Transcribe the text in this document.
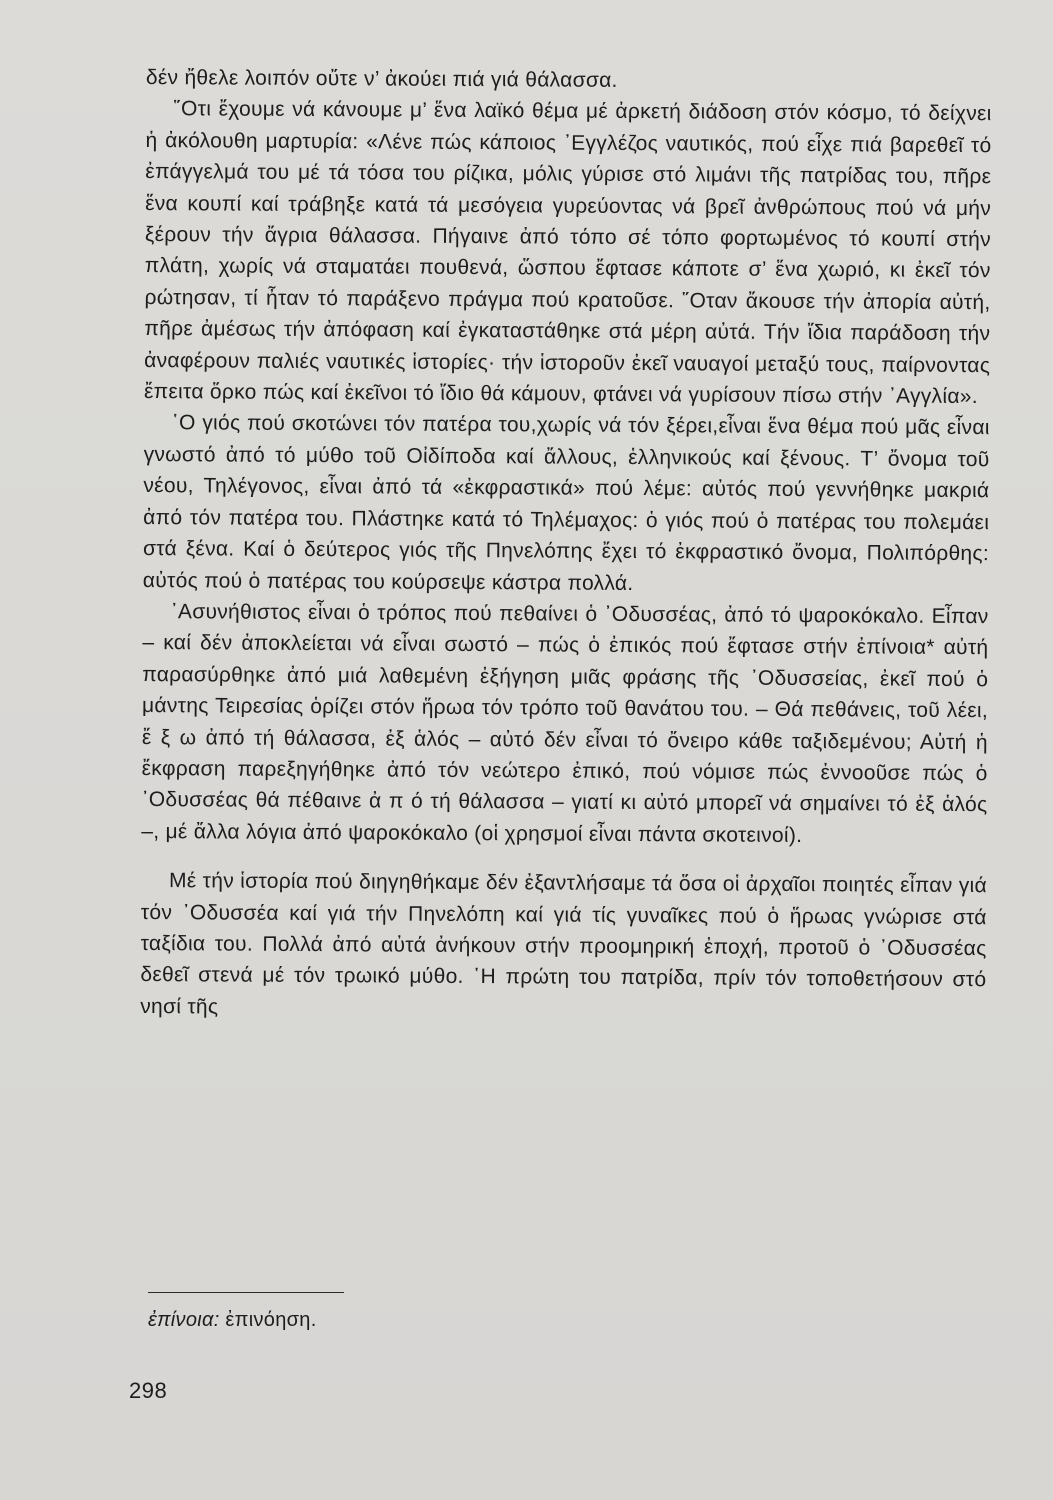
δέν ἤθελε λοιπόν οὔτε ν’ ἀκούει πιά γιά θάλασσα.

῞Οτι ἔχουμε νά κάνουμε μ’ ἕνα λαϊκό θέμα μέ ἀρκετή διάδοση στόν κόσμο, τό δείχνει ἡ ἀκόλουθη μαρτυρία: «Λένε πώς κάποιος ᾿Εγγλέζος ναυτικός, πού εἶχε πιά βαρεθεῖ τό ἐπάγγελμά του μέ τά τόσα του ρίζικα, μόλις γύρισε στό λιμάνι τῆς πατρίδας του, πῆρε ἕνα κουπί καί τράβηξε κατά τά μεσόγεια γυρεύοντας νά βρεῖ ἀνθρώπους πού νά μήν ξέρουν τήν ἄγρια θάλασσα. Πήγαινε ἀπό τόπο σέ τόπο φορτωμένος τό κουπί στήν πλάτη, χωρίς νά σταματάει πουθενά, ὥσπου ἔφτασε κάποτε σ’ ἕνα χωριό, κι ἐκεῖ τόν ρώτησαν, τί ἦταν τό παράξενο πράγμα πού κρατοῦσε. ῞Οταν ἄκουσε τήν ἀπορία αὐτή, πῆρε ἀμέσως τήν ἀπόφαση καί ἐγκαταστάθηκε στά μέρη αὐτά. Τήν ἴδια παράδοση τήν ἀναφέρουν παλιές ναυτικές ἱστορίες· τήν ἱστοροῦν ἐκεῖ ναυαγοί μεταξύ τους, παίρνοντας ἔπειτα ὅρκο πώς καί ἐκεῖνοι τό ἴδιο θά κάμουν, φτάνει νά γυρίσουν πίσω στήν ᾿Αγγλία».

῾Ο γιός πού σκοτώνει τόν πατέρα του,χωρίς νά τόν ξέρει,εἶναι ἕνα θέμα πού μᾶς εἶναι γνωστό ἀπό τό μύθο τοῦ Οἰδίποδα καί ἄλλους, ἑλληνικούς καί ξένους. Τ’ ὄνομα τοῦ νέου, Τηλέγονος, εἶναι ἀπό τά «ἐκφραστικά» πού λέμε: αὐτός πού γεννήθηκε μακριά ἀπό τόν πατέρα του. Πλάστηκε κατά τό Τηλέμαχος: ὁ γιός πού ὁ πατέρας του πολεμάει στά ξένα. Καί ὁ δεύτερος γιός τῆς Πηνελόπης ἔχει τό ἐκφραστικό ὄνομα, Πολιπόρθης: αὐτός πού ὁ πατέρας του κούρσεψε κάστρα πολλά.

᾿Ασυνήθιστος εἶναι ὁ τρόπος πού πεθαίνει ὁ ᾿Οδυσσέας, ἀπό τό ψαροκόκαλο. Εἶπαν – καί δέν ἀποκλείεται νά εἶναι σωστό – πώς ὁ ἐπικός πού ἔφτασε στήν ἐπίνοια* αὐτή παρασύρθηκε ἀπό μιά λαθεμένη ἐξήγηση μιᾶς φράσης τῆς ᾿Οδυσσείας, ἐκεῖ πού ὁ μάντης Τειρεσίας ὁρίζει στόν ἥρωα τόν τρόπο τοῦ θανάτου του. – Θά πεθάνεις, τοῦ λέει, ἔ ξ ω ἀπό τή θάλασσα, ἐξ ἁλός – αὐτό δέν εἶναι τό ὄνειρο κάθε ταξιδεμένου; Αὐτή ἡ ἔκφραση παρεξηγήθηκε ἀπό τόν νεώτερο ἐπικό, πού νόμισε πώς ἐννοοῦσε πώς ὁ ᾿Οδυσσέας θά πέθαινε ἀ π ό τή θάλασσα – γιατί κι αὐτό μπορεῖ νά σημαίνει τό ἐξ ἁλός –, μέ ἄλλα λόγια ἀπό ψαροκόκαλο (οἱ χρησμοί εἶναι πάντα σκοτεινοί).

Μέ τήν ἱστορία πού διηγηθήκαμε δέν ἐξαντλήσαμε τά ὅσα οἱ ἀρχαῖοι ποιητές εἶπαν γιά τόν ᾿Οδυσσέα καί γιά τήν Πηνελόπη καί γιά τίς γυναῖκες πού ὁ ἥρωας γνώρισε στά ταξίδια του. Πολλά ἀπό αὐτά ἀνήκουν στήν προομηρική ἐποχή, προτοῦ ὁ ᾿Οδυσσέας δεθεῖ στενά μέ τόν τρωικό μύθο. ῾Η πρώτη του πατρίδα, πρίν τόν τοποθετήσουν στό νησί τῆς

ἐπίνοια: ἐπινόηση.
298
